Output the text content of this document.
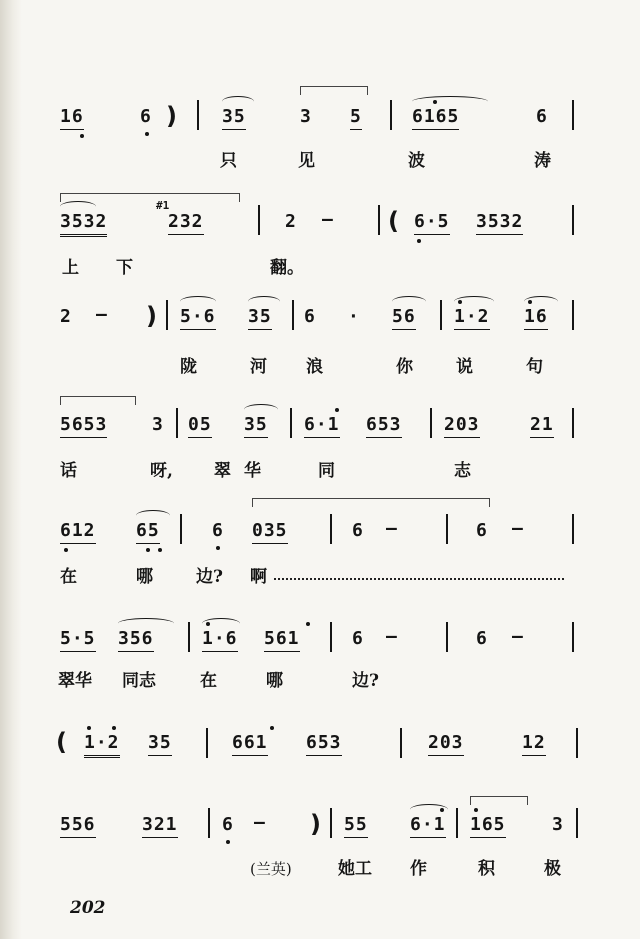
16	6 )	35	3 5	6165	6
只	见	波	涛
3532
#1
232	2 — ( 6·5 3532
上 下	翻。
2 — ) 5·6 35 6 · 56 1·2 16
陇	河 浪	你	说	句
5653 3 05 35 6·1 653 203	21
话	呀, 翠 华	同	志
612 65	6 035	6 —	6 —
在	哪	边? 啊
5·5 356	1·6 561	6 —	6 —
翠华 同志	在	哪	边?
( 1·2 35	661 653	203	12
556	321 6 — ) 55 6·1 165	3
(兰英)	她工 作	积	极
202
